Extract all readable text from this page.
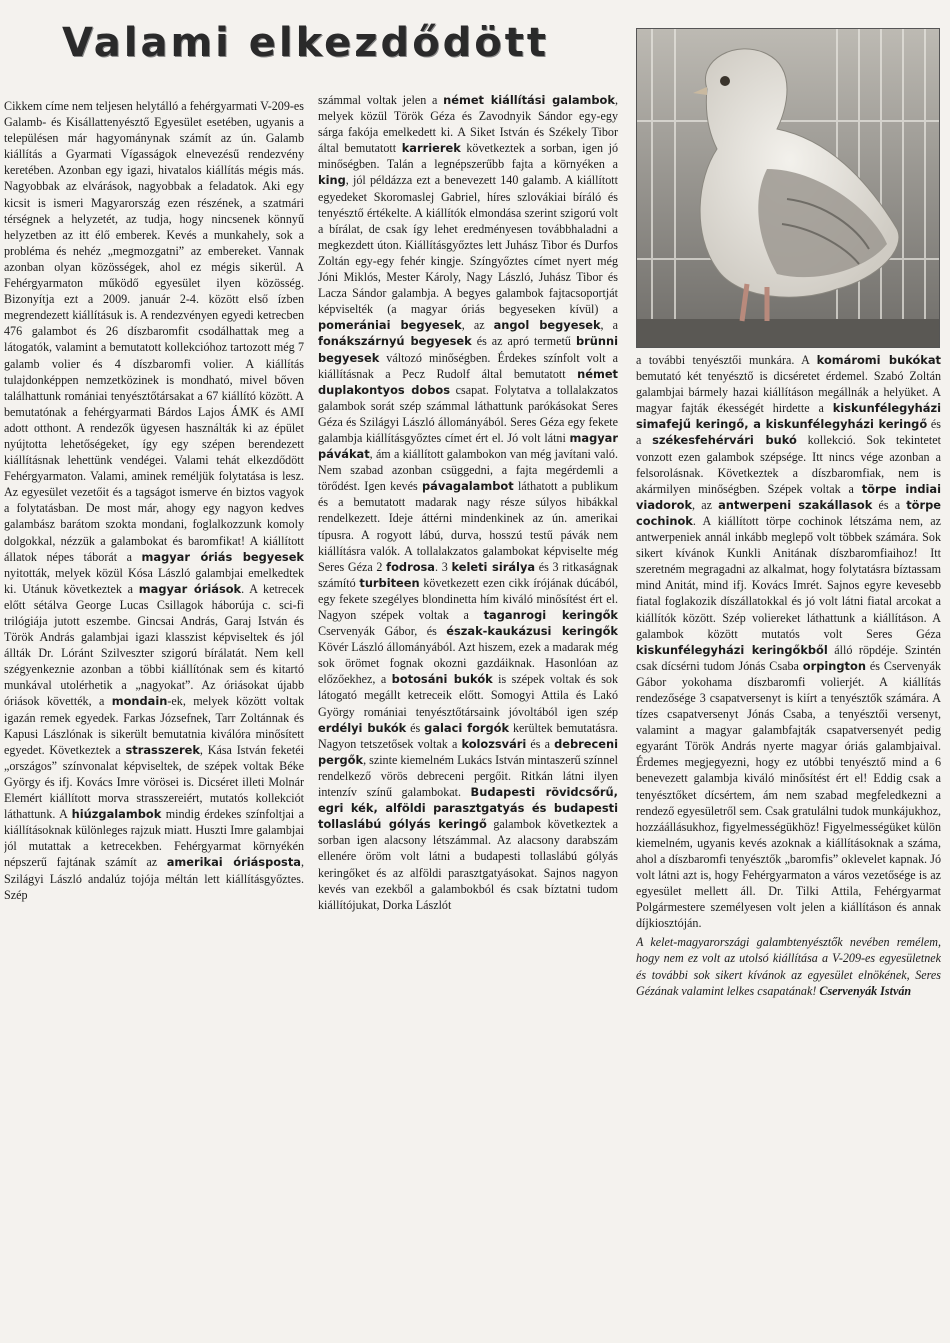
Valami elkezdődött

Cikkem címe nem teljesen helytálló a fehérgyarmati V-209-es Galamb- és Kisállattenyésztő Egyesület esetében, ugyanis a településen már hagyománynak számít az ún. Galamb kiállítás a Gyarmati Vígasságok elnevezésű rendezvény keretében. Azonban egy igazi, hivatalos kiállítás mégis más. Nagyobbak az elvárások, nagyobbak a feladatok. Aki egy kicsit is ismeri Magyarország ezen részének, a szatmári térségnek a helyzetét, az tudja, hogy nincsenek könnyű helyzetben az itt élő emberek. Kevés a munkahely, sok a probléma és nehéz „megmozgatni” az embereket. Vannak azonban olyan közösségek, ahol ez mégis sikerül. A Fehérgyarmaton működő egyesület ilyen közösség. Bizonyítja ezt a 2009. január 2-4. között első ízben megrendezett kiállításuk is. A rendezvényen egyedi ketrecben 476 galambot és 26 díszbaromfit csodálhattak meg a látogatók, valamint a bemutatott kollekcióhoz tartozott még 7 galamb volier és 4 díszbaromfi volier. A kiállítás tulajdonképpen nemzetközinek is mondható, mivel bőven találhattunk romániai tenyésztőtársakat a 67 kiállító között. A bemutatónak a fehérgyarmati Bárdos Lajos ÁMK és AMI adott otthont. A rendezők ügyesen használták ki az épület nyújtotta lehetőségeket, így egy szépen berendezett kiállításnak lehettünk vendégei. Valami tehát elkezdődött Fehérgyarmaton. Valami, aminek reméljük folytatása is lesz. Az egyesület vezetőit és a tagságot ismerve én biztos vagyok a folytatásban. De most már, ahogy egy nagyon kedves galambász barátom szokta mondani, foglalkozzunk komoly dolgokkal, nézzük a galambokat és baromfikat! A kiállított állatok népes táborát a magyar óriás begyesek nyitották, melyek közül Kósa László galambjai emelkedtek ki. Utánuk következtek a magyar óriások. A ketrecek előtt sétálva George Lucas Csillagok háborúja c. sci-fi trilógiája jutott eszembe. Gincsai András, Garaj István és Török András galambjai igazi klasszist képviseltek és jól állták Dr. Lóránt Szilveszter szigorú bírálatát. Nem kell szégyenkeznie azonban a többi kiállítónak sem és kitartó munkával utolérhetik a „nagyokat”. Az óriásokat újabb óriások követték, a mondain-ek, melyek között voltak igazán remek egyedek. Farkas Józsefnek, Tarr Zoltánnak és Kapusi Lászlónak is sikerült bemutatnia kiválóra minősített egyedet. Következtek a strasszerek, Kása István feketéi „országos” színvonalat képviseltek, de szépek voltak Béke György és ifj. Kovács Imre vörösei is. Dicséret illeti Molnár Elemért kiállított morva strasszereiért, mutatós kollekciót láthattunk. A hiúzgalambok mindig érdekes színfoltjai a kiállításoknak különleges rajzuk miatt. Huszti Imre galambjai jól mutattak a ketrecekben. Fehérgyarmat környékén népszerű fajtának számít az amerikai óriásposta, Szilágyi László andalúz tojója méltán lett kiállításgyőztes. Szép

számmal voltak jelen a német kiállítási galambok, melyek közül Török Géza és Zavodnyik Sándor egy-egy sárga fakója emelkedett ki. A Siket István és Székely Tibor által bemutatott karrierek következtek a sorban, igen jó minőségben. Talán a legnépszerűbb fajta a környéken a king, jól példázza ezt a benevezett 140 galamb. A kiállított egyedeket Skoromaslej Gabriel, híres szlovákiai bíráló és tenyésztő értékelte. A kiállítók elmondása szerint szigorú volt a bírálat, de csak így lehet eredményesen továbbhaladni a megkezdett úton. Kiállításgyőztes lett Juhász Tibor és Durfos Zoltán egy-egy fehér kingje. Színgyőztes címet nyert még Jóni Miklós, Mester Károly, Nagy László, Juhász Tibor és Lacza Sándor galambja. A begyes galambok fajtacsoportját képviselték (a magyar óriás begyeseken kívül) a pomerániai begyesek, az angol begyesek, a fonákszárnyú begyesek és az apró termetű brünni begyesek változó minőségben. Érdekes színfolt volt a kiállításnak a Pecz Rudolf által bemutatott német duplakontyos dobos csapat. Folytatva a tollalakzatos galambok sorát szép számmal láthattunk parókásokat Seres Géza és Szilágyi László állományából. Seres Géza egy fekete galambja kiállításgyőztes címet ért el. Jó volt látni magyar pávákat, ám a kiállított galambokon van még javítani való. Nem szabad azonban csüggedni, a fajta megérdemli a törődést. Igen kevés pávagalambot láthatott a publikum és a bemutatott madarak nagy része súlyos hibákkal rendelkezett. Ideje áttérni mindenkinek az ún. amerikai típusra. A rogyott lábú, durva, hosszú testű pávák nem kiállításra valók. A tollalakzatos galambokat képviselte még Seres Géza 2 fodrosa. 3 keleti sirálya és 3 ritkaságnak számító turbiteen következett ezen cikk írójának dúcából, egy fekete szegélyes blondinetta hím kiváló minősítést ért el. Nagyon szépek voltak a taganrogi keringők Cservenyák Gábor, és észak-kaukázusi keringők Kövér László állományából. Azt hiszem, ezek a madarak még sok örömet fognak okozni gazdáiknak. Hasonlóan az előzőekhez, a botosáni bukók is szépek voltak és sok látogató megállt ketreceik előtt. Somogyi Attila és Lakó György romániai tenyésztőtársaink jóvoltából igen szép erdélyi bukók és galaci forgók kerültek bemutatásra. Nagyon tetszetősek voltak a kolozsvári és a debreceni pergők, szinte kiemelném Lukács István mintaszerű színnel rendelkező vörös debreceni pergőit. Ritkán látni ilyen intenzív színű galambokat. Budapesti rövidcsőrű, egri kék, alföldi parasztgatyás és budapesti tollaslábú gólyás keringő galambok következtek a sorban igen alacsony létszámmal. Az alacsony darabszám ellenére öröm volt látni a budapesti tollaslábú gólyás keringőket és az alföldi parasztgatyásokat. Sajnos nagyon kevés van ezekből a galambokból és csak bíztatni tudom kiállítójukat, Dorka Lászlót

a további tenyésztői munkára. A komáromi bukókat bemutató két tenyésztő is dicséretet érdemel. Szabó Zoltán galambjai bármely hazai kiállításon megállnák a helyüket. A magyar fajták ékességét hirdette a kiskunfélegyházi simafejű keringő, a kiskunfélegyházi keringő és a székesfehérvári bukó kollekció. Sok tekintetet vonzott ezen galambok szépsége. Itt nincs vége azonban a felsorolásnak. Következtek a díszbaromfiak, nem is akármilyen minőségben. Szépek voltak a törpe indiai viadorok, az antwerpeni szakállasok és a törpe cochinok. A kiállított törpe cochinok létszáma nem, az antwerpeniek annál inkább meglepő volt többek számára. Sok sikert kívánok Kunkli Anitának díszbaromfiaihoz! Itt szeretném megragadni az alkalmat, hogy folytatásra bíztassam mind Anitát, mind ifj. Kovács Imrét. Sajnos egyre kevesebb fiatal foglakozik díszállatokkal és jó volt látni fiatal arcokat a kiállítók között. Szép voliereket láthattunk a kiállításon. A galambok között mutatós volt Seres Géza kiskunfélegyházi keringőkből álló röpdéje. Szintén csak dícsérni tudom Jónás Csaba orpington és Cservenyák Gábor yokohama díszbaromfi volierjét. A kiállítás rendezősége 3 csapatversenyt is kiírt a tenyésztők számára. A tízes csapatversenyt Jónás Csaba, a tenyésztői versenyt, valamint a magyar galambfajták csapatversenyét pedig egyaránt Török András nyerte magyar óriás galambjaival. Érdemes megjegyezni, hogy ez utóbbi tenyésztő mind a 6 benevezett galambja kiváló minősítést ért el! Eddig csak a tenyésztőket dícsértem, ám nem szabad megfeledkezni a rendező egyesületről sem. Csak gratulálni tudok munkájukhoz, hozzáállásukhoz, figyelmességükhöz! Figyelmességüket külön kiemelném, ugyanis kevés azoknak a kiállításoknak a száma, ahol a díszbaromfi tenyésztők „baromfis” oklevelet kapnak. Jó volt látni azt is, hogy Fehérgyarmaton a város vezetősége is az egyesület mellett áll. Dr. Tilki Attila, Fehérgyarmat Polgármestere személyesen volt jelen a kiállításon és annak díjkiosztóján.

A kelet-magyarországi galambtenyésztők nevében remélem, hogy nem ez volt az utolsó kiállítása a V-209-es egyesületnek és további sok sikert kívánok az egyesület elnökének, Seres Gézának valamint lelkes csapatának! Cservenyák István
